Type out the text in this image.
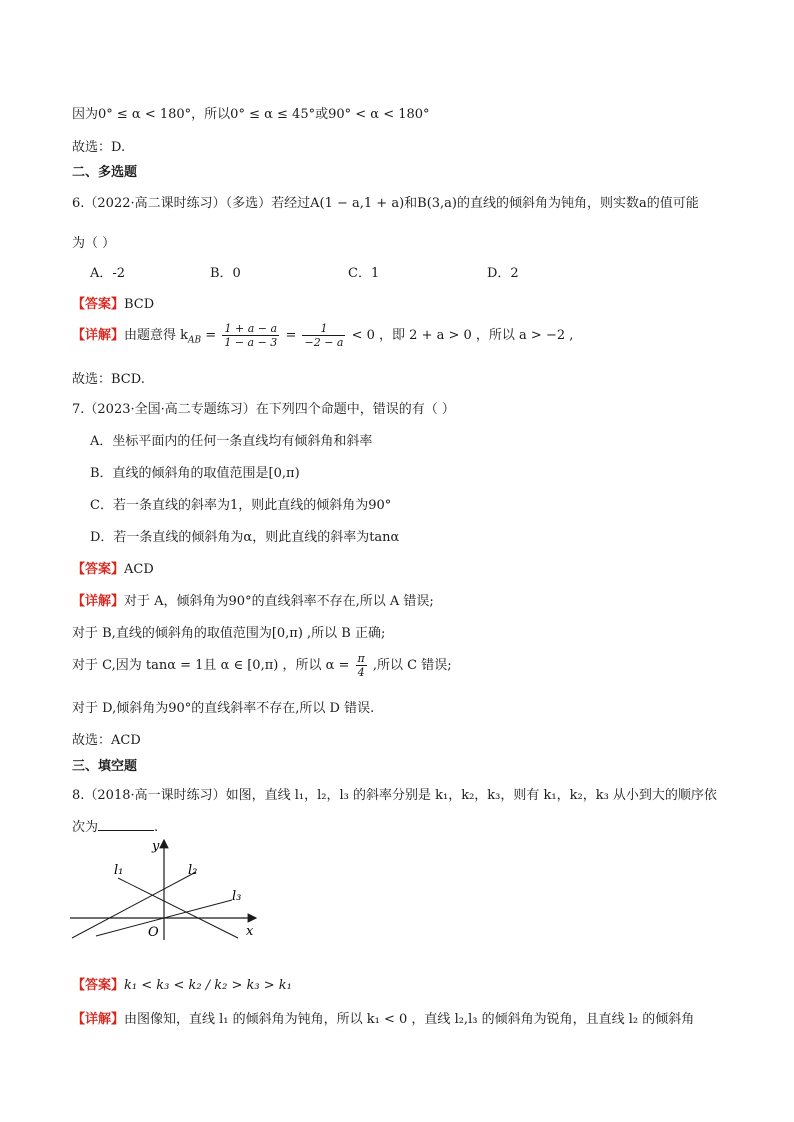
因为0° ≤ α < 180°，所以0° ≤ α ≤ 45°或90° < α < 180°
故选：D.
二、多选题
6.（2022·高二课时练习）（多选）若经过A(1 − a,1 + a)和B(3,a)的直线的倾斜角为钝角，则实数a的值可能
为（ ）
A．-2	B．0	C．1	D．2
【答案】BCD
【详解】由题意得 $k_{AB} = \frac{1 + a - a}{1 - a - 3} = \frac{1}{-2 - a} < 0$ ，即 2 + a > 0 ，所以 a > −2 ,
故选：BCD.
7.（2023·全国·高二专题练习）在下列四个命题中，错误的有（ ）
A．坐标平面内的任何一条直线均有倾斜角和斜率
B．直线的倾斜角的取值范围是[0,π)
C．若一条直线的斜率为1，则此直线的倾斜角为90°
D．若一条直线的倾斜角为α，则此直线的斜率为tanα
【答案】ACD
【详解】对于 A，倾斜角为90°的直线斜率不存在,所以 A 错误;
对于 B,直线的倾斜角的取值范围为[0,π) ,所以 B 正确;
对于 C,因为 tanα = 1且 α ∈ [0,π) ，所以 $\alpha = \frac{\pi}{4}$ ,所以 C 错误;
对于 D,倾斜角为90°的直线斜率不存在,所以 D 错误.
故选：ACD
三、填空题
8.（2018·高一课时练习）如图，直线 l₁，l₂，l₃ 的斜率分别是 k₁，k₂，k₃，则有 k₁，k₂，k₃ 从小到大的顺序依
次为	.
y
x
O
l₁	l₂
l₃
【答案】k₁ < k₃ < k₂ / k₂ > k₃ > k₁
【详解】由图像知，直线 l₁ 的倾斜角为钝角，所以 k₁ < 0 ，直线 l₂,l₃ 的倾斜角为锐角，且直线 l₂ 的倾斜角
